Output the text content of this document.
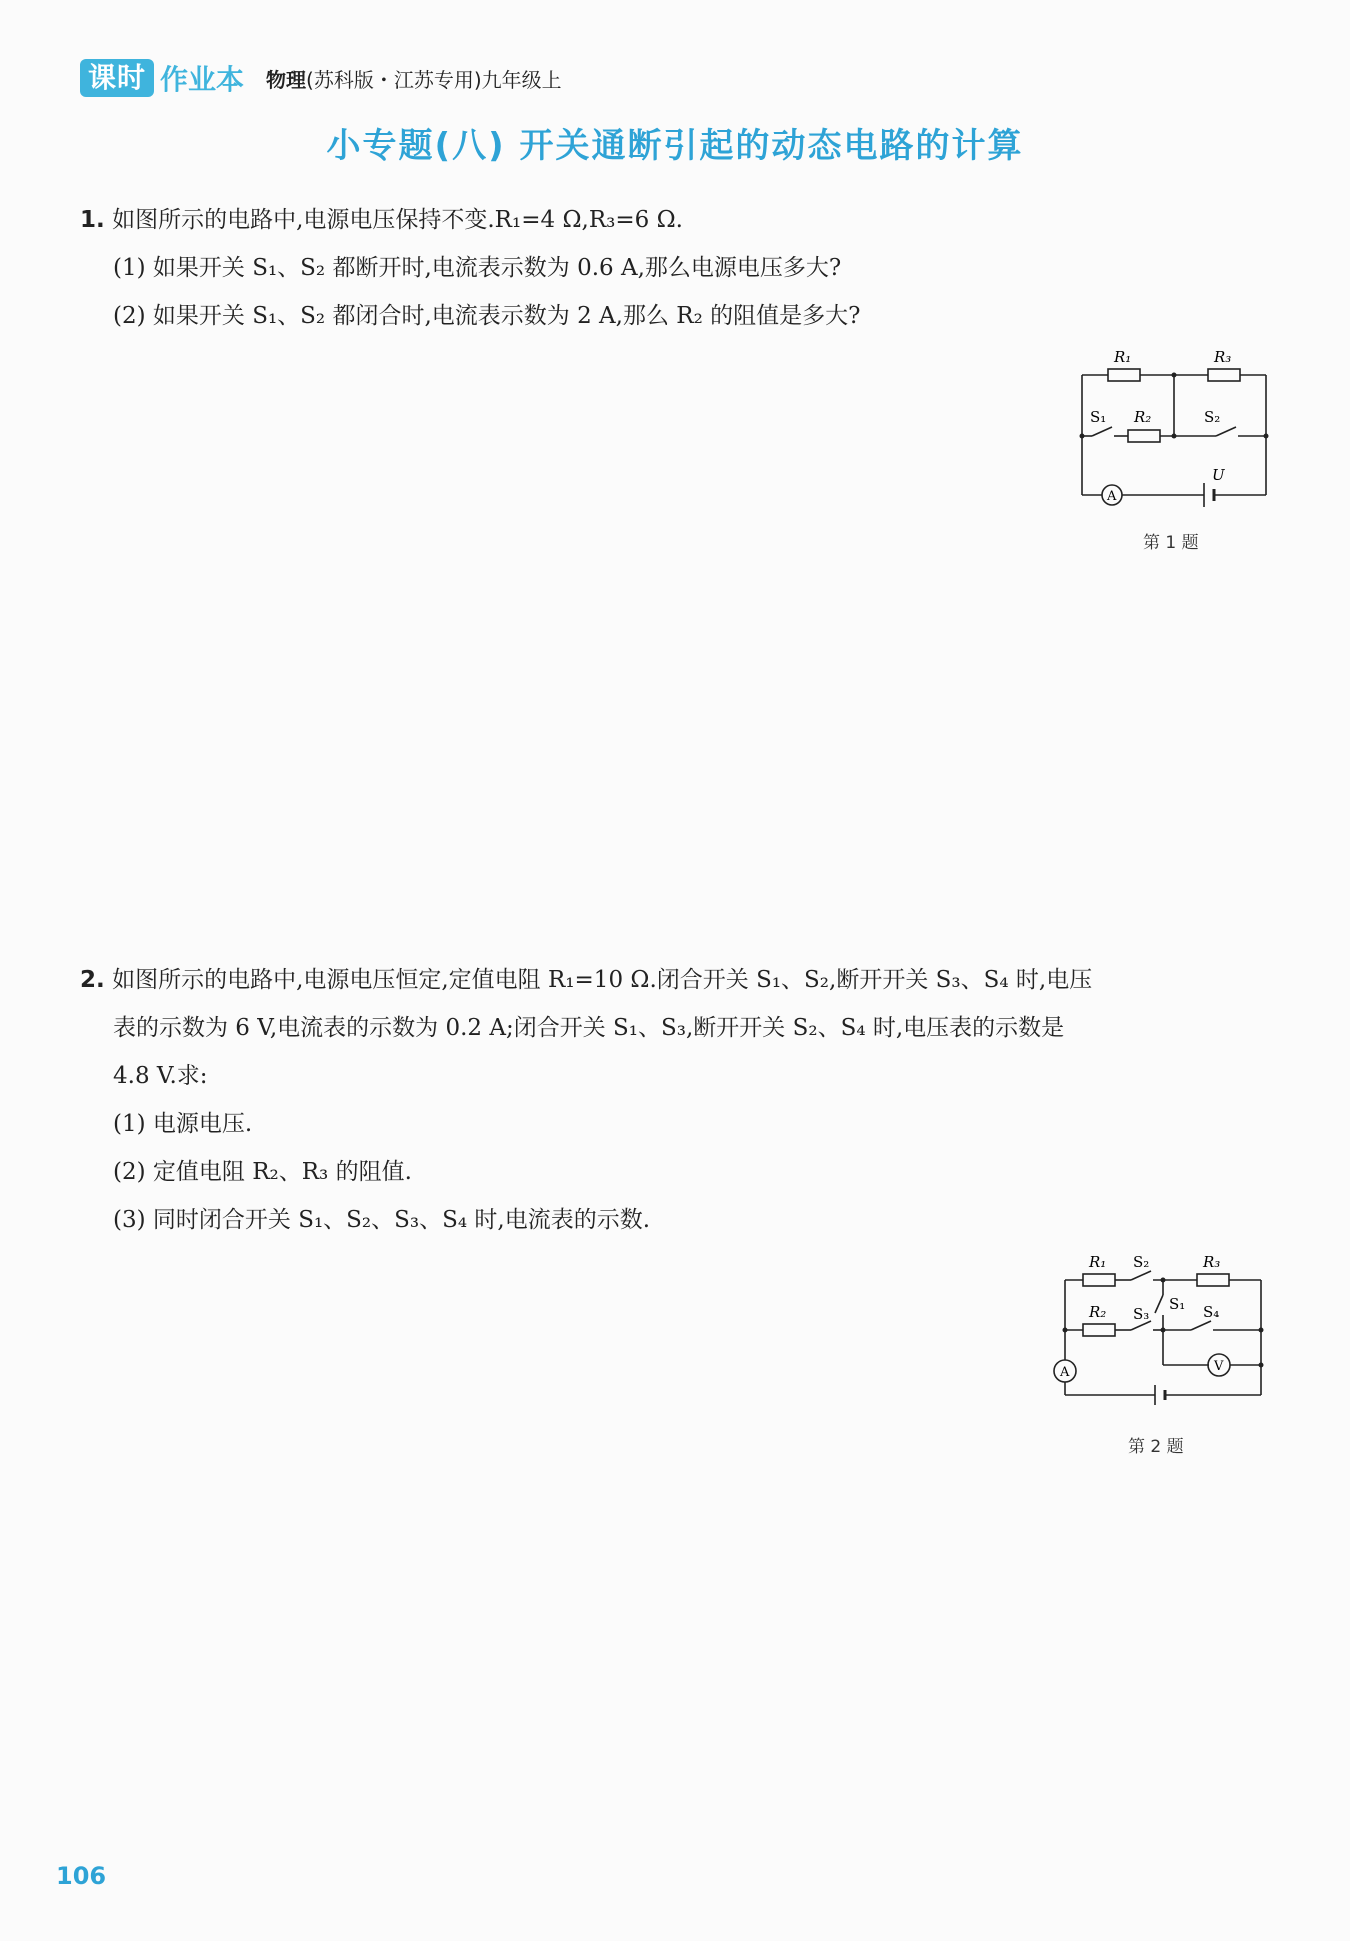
课时 作业本 物理(苏科版・江苏专用)九年级上
小专题(八) 开关通断引起的动态电路的计算
1. 如图所示的电路中,电源电压保持不变.R₁=4 Ω,R₃=6 Ω.
(1) 如果开关 S₁、S₂ 都断开时,电流表示数为 0.6 A,那么电源电压多大?
(2) 如果开关 S₁、S₂ 都闭合时,电流表示数为 2 A,那么 R₂ 的阻值是多大?
R₁	R₃
S₁ R₂	S₂
U
A
第 1 题
2. 如图所示的电路中,电源电压恒定,定值电阻 R₁=10 Ω.闭合开关 S₁、S₂,断开开关 S₃、S₄ 时,电压
表的示数为 6 V,电流表的示数为 0.2 A;闭合开关 S₁、S₃,断开开关 S₂、S₄ 时,电压表的示数是
4.8 V.求:
(1) 电源电压.
(2) 定值电阻 R₂、R₃ 的阻值.
(3) 同时闭合开关 S₁、S₂、S₃、S₄ 时,电流表的示数.
R₁ S₂	R₃
R₂ S₃
S₁ S₄
A	V
第 2 题
106
